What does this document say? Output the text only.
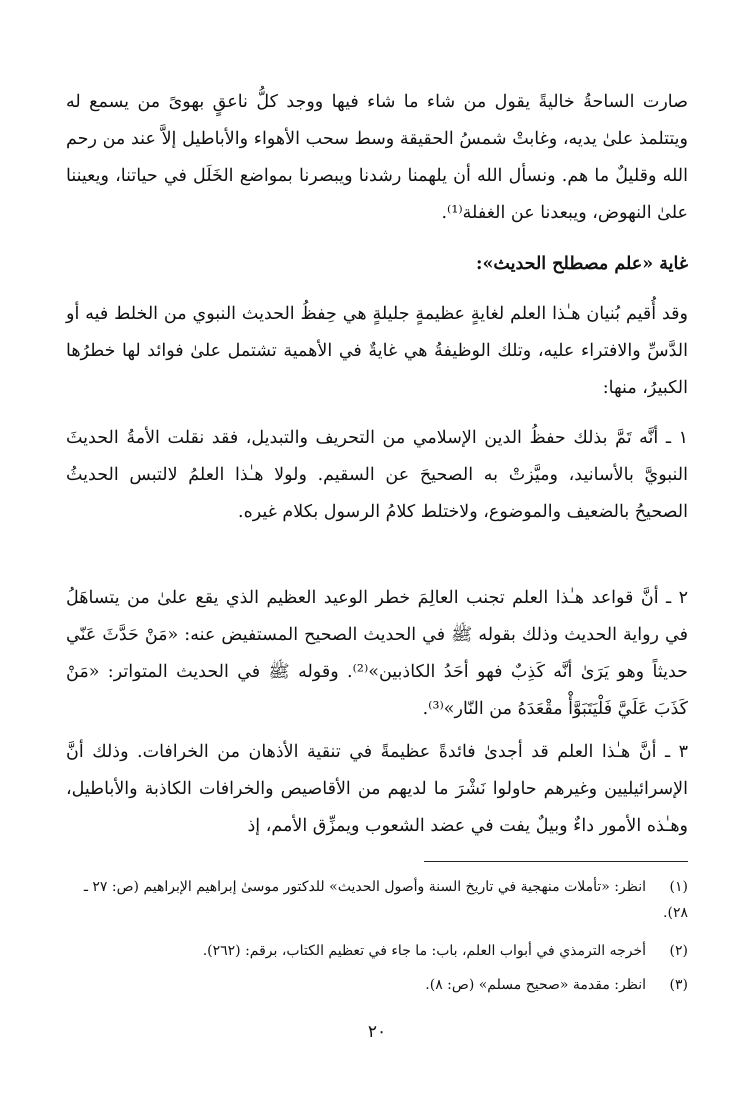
صارت الساحةُ خاليةً يقول من شاء ما شاء فيها ووجد كلُّ ناعقٍ بهوىً من يسمع له ويتتلمذ علىٰ يديه، وغابتْ شمسُ الحقيقة وسط سحب الأهواء والأباطيل إلاَّ عند من رحم الله وقليلٌ ما هم. ونسأل الله أن يلهمنا رشدنا ويبصرنا بمواضع الخَلَل في حياتنا، ويعيننا علىٰ النهوض، ويبعدنا عن الغفلة⁽¹⁾.

غاية «علم مصطلح الحديث»:

وقد أُقيم بُنيان هـٰذا العلم لغايةٍ عظيمةٍ جليلةٍ هي حِفظُ الحديث النبوي من الخلط فيه أو الدَّسِّ والافتراء عليه، وتلك الوظيفةُ هي غايةٌ في الأهمية تشتمل علىٰ فوائد لها خطرُها الكبيرُ، منها:

١ ـ أنَّه تَمَّ بذلك حفظُ الدين الإسلامي من التحريف والتبديل، فقد نقلت الأمةُ الحديثَ النبويَّ بالأسانيد، وميَّزتْ به الصحيحَ عن السقيم. ولولا هـٰذا العلمُ لالتبس الحديثُ الصحيحُ بالضعيف والموضوع، ولاختلط كلامُ الرسول بكلام غيره.

٢ ـ أنَّ قواعد هـٰذا العلم تجنب العالِمَ خطر الوعيد العظيم الذي يقع علىٰ من يتساهَلُ في رواية الحديث وذلك بقوله ﷺ في الحديث الصحيح المستفيض عنه: «مَنْ حَدَّثَ عَنّي حديثاً وهو يَرَىٰ أنَّه كَذِبٌ فهو أحَدُ الكاذبين»⁽²⁾. وقوله ﷺ في الحديث المتواتر: «مَنْ كَذَبَ عَلَيَّ فَلْيَتَبَوَّأْ مقْعَدَهُ من النّار»⁽³⁾.

٣ ـ أنَّ هـٰذا العلم قد أجدىٰ فائدةً عظيمةً في تنقية الأذهان من الخرافات. وذلك أنَّ الإسرائيليين وغيرهم حاولوا نَشْرَ ما لديهم من الأقاصيص والخرافات الكاذبة والأباطيل، وهـٰذه الأمور داءٌ وبيلٌ يفت في عضد الشعوب ويمزِّق الأمم، إذ

(١)انظر: «تأملات منهجية في تاريخ السنة وأصول الحديث» للدكتور موسىٰ إبراهيم الإبراهيم (ص: ٢٧ ـ ٢٨).
(٢)أخرجه الترمذي في أبواب العلم، باب: ما جاء في تعظيم الكتاب، برقم: (٢٦٢).
(٣)انظر: مقدمة «صحيح مسلم» (ص: ٨).
٢٠
